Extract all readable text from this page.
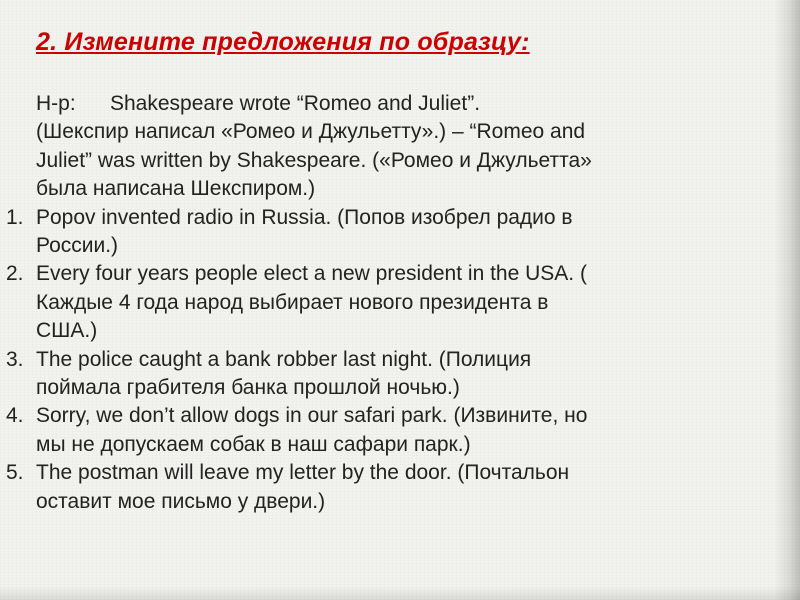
2. Измените предложения по образцу:
Н-р: Shakespeare wrote “Romeo and Juliet”.
(Шекспир написал «Ромео и Джульетту».) – “Romeo and
Juliet” was written by Shakespeare. («Ромео и Джульетта»
была написана Шекспиром.)
1. Popov invented radio in Russia. (Попов изобрел радио в
России.)
2. Every four years people elect a new president in the USA. (
Каждые 4 года народ выбирает нового президента в
США.)
3. The police caught a bank robber last night. (Полиция
поймала грабителя банка прошлой ночью.)
4. Sorry, we don’t allow dogs in our safari park. (Извините, но
мы не допускаем собак в наш сафари парк.)
5. The postman will leave my letter by the door. (Почтальон
оставит мое письмо у двери.)
